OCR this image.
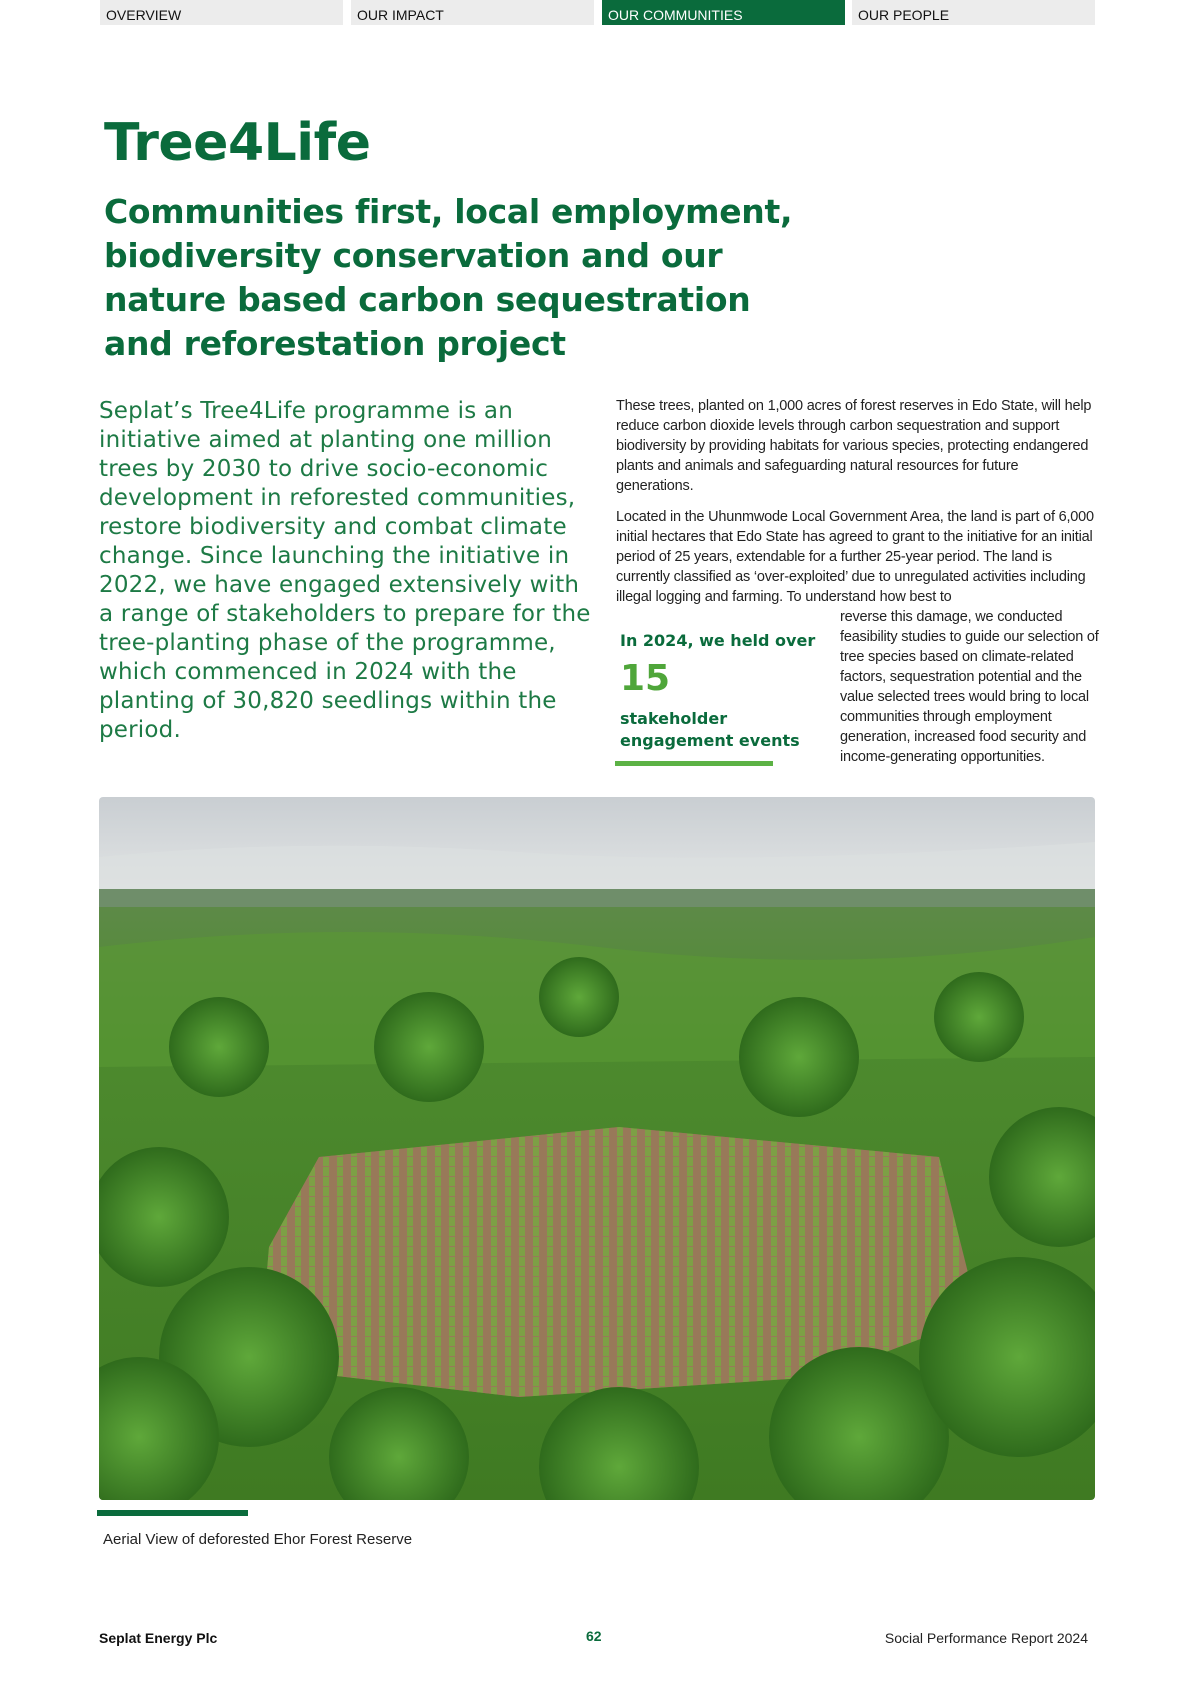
OVERVIEW	OUR IMPACT	OUR COMMUNITIES	OUR PEOPLE
Tree4Life
Communities first, local employment, biodiversity conservation and our nature based carbon sequestration and reforestation project

Seplat’s Tree4Life programme is an initiative aimed at planting one million trees by 2030 to drive socio-economic development in reforested communities, restore biodiversity and combat climate change. Since launching the initiative in 2022, we have engaged extensively with a range of stakeholders to prepare for the tree-planting phase of the programme, which commenced in 2024 with the planting of 30,820 seedlings within the period.

These trees, planted on 1,000 acres of forest reserves in Edo State, will help reduce carbon dioxide levels through carbon sequestration and support biodiversity by providing habitats for various species, protecting endangered plants and animals and safeguarding natural resources for future generations.

Located in the Uhunmwode Local Government Area, the land is part of 6,000 initial hectares that Edo State has agreed to grant to the initiative for an initial period of 25 years, extendable for a further 25-year period. The land is currently classified as ‘over-exploited’ due to unregulated activities including illegal logging and farming. To understand how best to

reverse this damage, we conducted feasibility studies to guide our selection of tree species based on climate-related factors, sequestration potential and the value selected trees would bring to local communities through employment generation, increased food security and income-generating opportunities.

In 2024, we held over
15
stakeholder engagement events

Aerial View of deforested Ehor Forest Reserve

Seplat Energy Plc	62	Social Performance Report 2024
